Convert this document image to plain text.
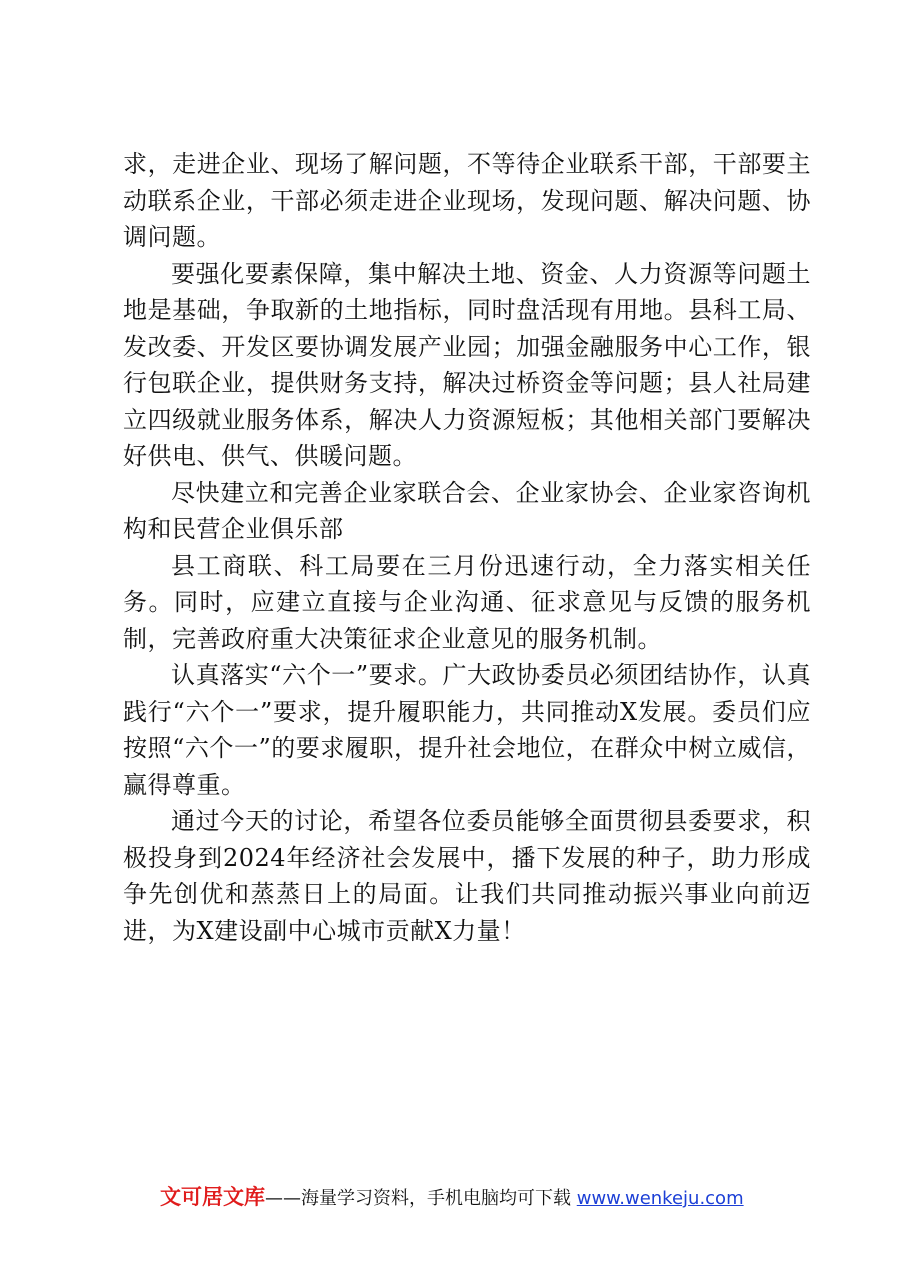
求，走进企业、现场了解问题，不等待企业联系干部，干部要主动联系企业，干部必须走进企业现场，发现问题、解决问题、协调问题。

要强化要素保障，集中解决土地、资金、人力资源等问题土地是基础，争取新的土地指标，同时盘活现有用地。县科工局、发改委、开发区要协调发展产业园；加强金融服务中心工作，银行包联企业，提供财务支持，解决过桥资金等问题；县人社局建立四级就业服务体系，解决人力资源短板；其他相关部门要解决好供电、供气、供暖问题。

尽快建立和完善企业家联合会、企业家协会、企业家咨询机构和民营企业俱乐部

县工商联、科工局要在三月份迅速行动，全力落实相关任务。同时，应建立直接与企业沟通、征求意见与反馈的服务机制，完善政府重大决策征求企业意见的服务机制。

认真落实“六个一”要求。广大政协委员必须团结协作，认真践行“六个一”要求，提升履职能力，共同推动X发展。委员们应按照“六个一”的要求履职，提升社会地位，在群众中树立威信，赢得尊重。

通过今天的讨论，希望各位委员能够全面贯彻县委要求，积极投身到2024年经济社会发展中，播下发展的种子，助力形成争先创优和蒸蒸日上的局面。让我们共同推动振兴事业向前迈进，为X建设副中心城市贡献X力量！

文可居文库——海量学习资料，手机电脑均可下载 www.wenkeju.com
